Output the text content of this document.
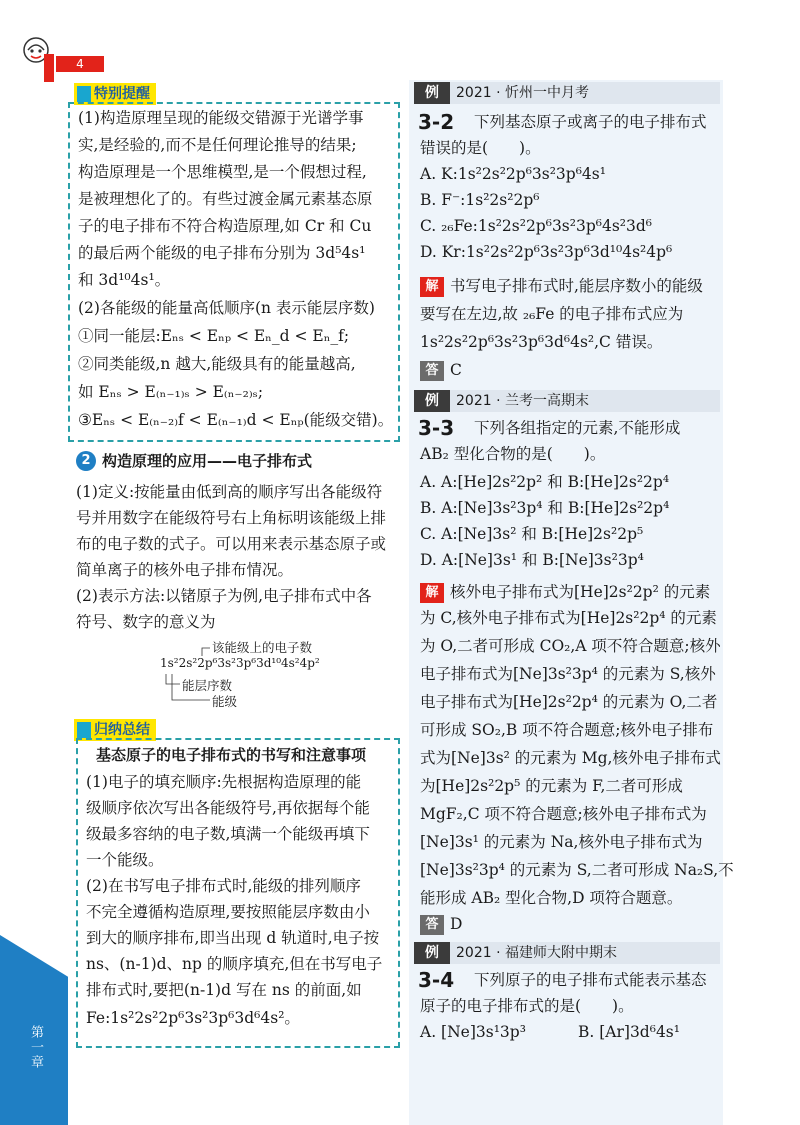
4
第一章
特别提醒
(1)构造原理呈现的能级交错源于光谱学事
实,是经验的,而不是任何理论推导的结果;
构造原理是一个思维模型,是一个假想过程,
是被理想化了的。有些过渡金属元素基态原
子的电子排布不符合构造原理,如 Cr 和 Cu
的最后两个能级的电子排布分别为 3d⁵4s¹
和 3d¹⁰4s¹。
(2)各能级的能量高低顺序(n 表示能层序数)
①同一能层:Eₙₛ < Eₙₚ < Eₙ_d < Eₙ_f;
②同类能级,n 越大,能级具有的能量越高,
如 Eₙₛ > E₍ₙ₋₁₎ₛ > E₍ₙ₋₂₎ₛ;
③Eₙₛ < E₍ₙ₋₂₎f < E₍ₙ₋₁₎d < Eₙₚ(能级交错)。
2 构造原理的应用——电子排布式
(1)定义:按能量由低到高的顺序写出各能级符
号并用数字在能级符号右上角标明该能级上排
布的电子数的式子。可以用来表示基态原子或
简单离子的核外电子排布情况。
(2)表示方法:以锗原子为例,电子排布式中各
符号、数字的意义为
该能级上的电子数
1s²2s²2p⁶3s²3p⁶3d¹⁰4s²4p²
能层序数
能级
归纳总结
基态原子的电子排布式的书写和注意事项
(1)电子的填充顺序:先根据构造原理的能
级顺序依次写出各能级符号,再依据每个能
级最多容纳的电子数,填满一个能级再填下
一个能级。
(2)在书写电子排布式时,能级的排列顺序
不完全遵循构造原理,要按照能层序数由小
到大的顺序排布,即当出现 d 轨道时,电子按
ns、(n-1)d、np 的顺序填充,但在书写电子
排布式时,要把(n-1)d 写在 ns 的前面,如
Fe:1s²2s²2p⁶3s²3p⁶3d⁶4s²。
例	2021 · 忻州一中月考
3-2 下列基态原子或离子的电子排布式
错误的是(　　)。
A. K:1s²2s²2p⁶3s²3p⁶4s¹
B. F⁻:1s²2s²2p⁶
C. ₂₆Fe:1s²2s²2p⁶3s²3p⁶4s²3d⁶
D. Kr:1s²2s²2p⁶3s²3p⁶3d¹⁰4s²4p⁶
解 书写电子排布式时,能层序数小的能级
要写在左边,故 ₂₆Fe 的电子排布式应为
1s²2s²2p⁶3s²3p⁶3d⁶4s²,C 错误。
答 C
例	2021 · 兰考一高期末
3-3 下列各组指定的元素,不能形成
AB₂ 型化合物的是(　　)。
A. A:[He]2s²2p² 和 B:[He]2s²2p⁴
B. A:[Ne]3s²3p⁴ 和 B:[He]2s²2p⁴
C. A:[Ne]3s² 和 B:[He]2s²2p⁵
D. A:[Ne]3s¹ 和 B:[Ne]3s²3p⁴
解 核外电子排布式为[He]2s²2p² 的元素
为 C,核外电子排布式为[He]2s²2p⁴ 的元素
为 O,二者可形成 CO₂,A 项不符合题意;核外
电子排布式为[Ne]3s²3p⁴ 的元素为 S,核外
电子排布式为[He]2s²2p⁴ 的元素为 O,二者
可形成 SO₂,B 项不符合题意;核外电子排布
式为[Ne]3s² 的元素为 Mg,核外电子排布式
为[He]2s²2p⁵ 的元素为 F,二者可形成
MgF₂,C 项不符合题意;核外电子排布式为
[Ne]3s¹ 的元素为 Na,核外电子排布式为
[Ne]3s²3p⁴ 的元素为 S,二者可形成 Na₂S,不
能形成 AB₂ 型化合物,D 项符合题意。
答 D
例	2021 · 福建师大附中期末
3-4 下列原子的电子排布式能表示基态
原子的电子排布式的是(　　)。
A. [Ne]3s¹3p³	B. [Ar]3d⁶4s¹
